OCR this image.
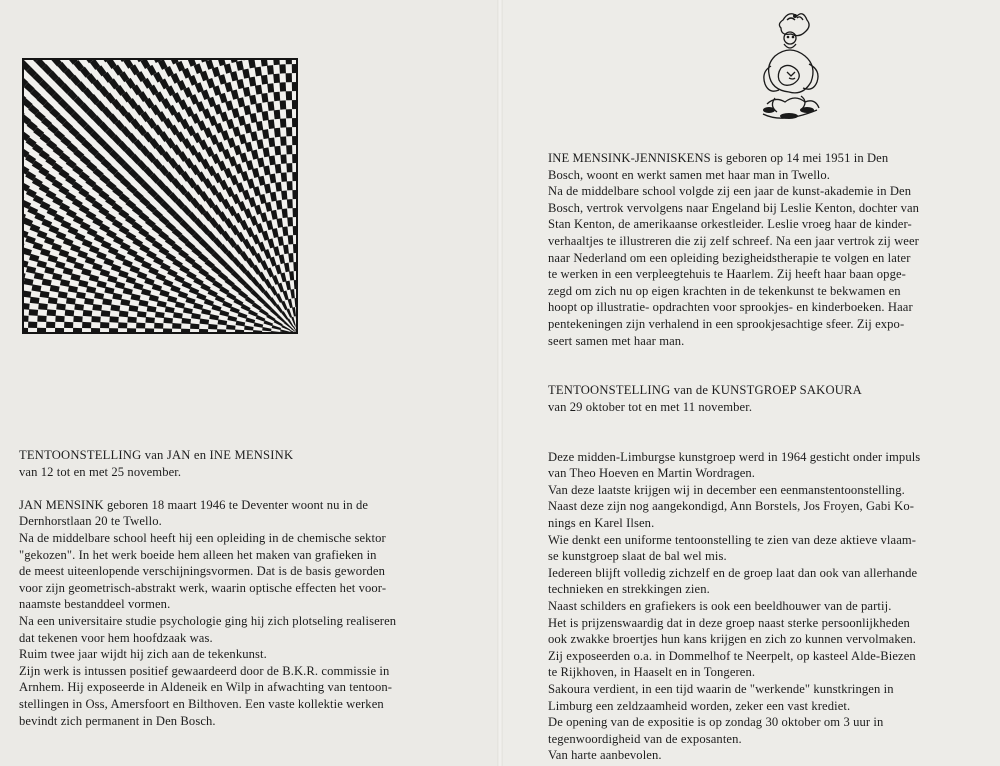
TENTOONSTELLING van JAN en INE MENSINK

van 12 tot en met 25 november.

JAN MENSINK geboren 18 maart 1946 te Deventer woont nu in de

Dernhorstlaan 20 te Twello.

Na de middelbare school heeft hij een opleiding in de chemische sektor

"gekozen". In het werk boeide hem alleen het maken van grafieken in

de meest uiteenlopende verschijningsvormen. Dat is de basis geworden

voor zijn geometrisch-abstrakt werk, waarin optische effecten het voor-

naamste bestanddeel vormen.

Na een universitaire studie psychologie ging hij zich plotseling realiseren

dat tekenen voor hem hoofdzaak was.

Ruim twee jaar wijdt hij zich aan de tekenkunst.

Zijn werk is intussen positief gewaardeerd door de B.K.R. commissie in

Arnhem. Hij exposeerde in Aldeneik en Wilp in afwachting van tentoon-

stellingen in Oss, Amersfoort en Bilthoven. Een vaste kollektie werken

bevindt zich permanent in Den Bosch.

INE MENSINK-JENNISKENS is geboren op 14 mei 1951 in Den

Bosch, woont en werkt samen met haar man in Twello.

Na de middelbare school volgde zij een jaar de kunst-akademie in Den

Bosch, vertrok vervolgens naar Engeland bij Leslie Kenton, dochter van

Stan Kenton, de amerikaanse orkestleider. Leslie vroeg haar de kinder-

verhaaltjes te illustreren die zij zelf schreef. Na een jaar vertrok zij weer

naar Nederland om een opleiding bezigheidstherapie te volgen en later

te werken in een verpleegtehuis te Haarlem. Zij heeft haar baan opge-

zegd om zich nu op eigen krachten in de tekenkunst te bekwamen en

hoopt op illustratie- opdrachten voor sprookjes- en kinderboeken. Haar

pentekeningen zijn verhalend in een sprookjesachtige sfeer. Zij expo-

seert samen met haar man.

TENTOONSTELLING van de KUNSTGROEP SAKOURA

van 29 oktober tot en met 11 november.

Deze midden-Limburgse kunstgroep werd in 1964 gesticht onder impuls

van Theo Hoeven en Martin Wordragen.

Van deze laatste krijgen wij in december een eenmanstentoonstelling.

Naast deze zijn nog aangekondigd, Ann Borstels, Jos Froyen, Gabi Ko-

nings en Karel Ilsen.

Wie denkt een uniforme tentoonstelling te zien van deze aktieve vlaam-

se kunstgroep slaat de bal wel mis.

Iedereen blijft volledig zichzelf en de groep laat dan ook van allerhande

technieken en strekkingen zien.

Naast schilders en grafiekers is ook een beeldhouwer van de partij.

Het is prijzenswaardig dat in deze groep naast sterke persoonlijkheden

ook zwakke broertjes hun kans krijgen en zich zo kunnen vervolmaken.

Zij exposeerden o.a. in Dommelhof te Neerpelt, op kasteel Alde-Biezen

te Rijkhoven, in Haaselt en in Tongeren.

Sakoura verdient, in een tijd waarin de "werkende" kunstkringen in

Limburg een zeldzaamheid worden, zeker een vast krediet.

De opening van de expositie is op zondag 30 oktober om 3 uur in

tegenwoordigheid van de exposanten.

Van harte aanbevolen.
